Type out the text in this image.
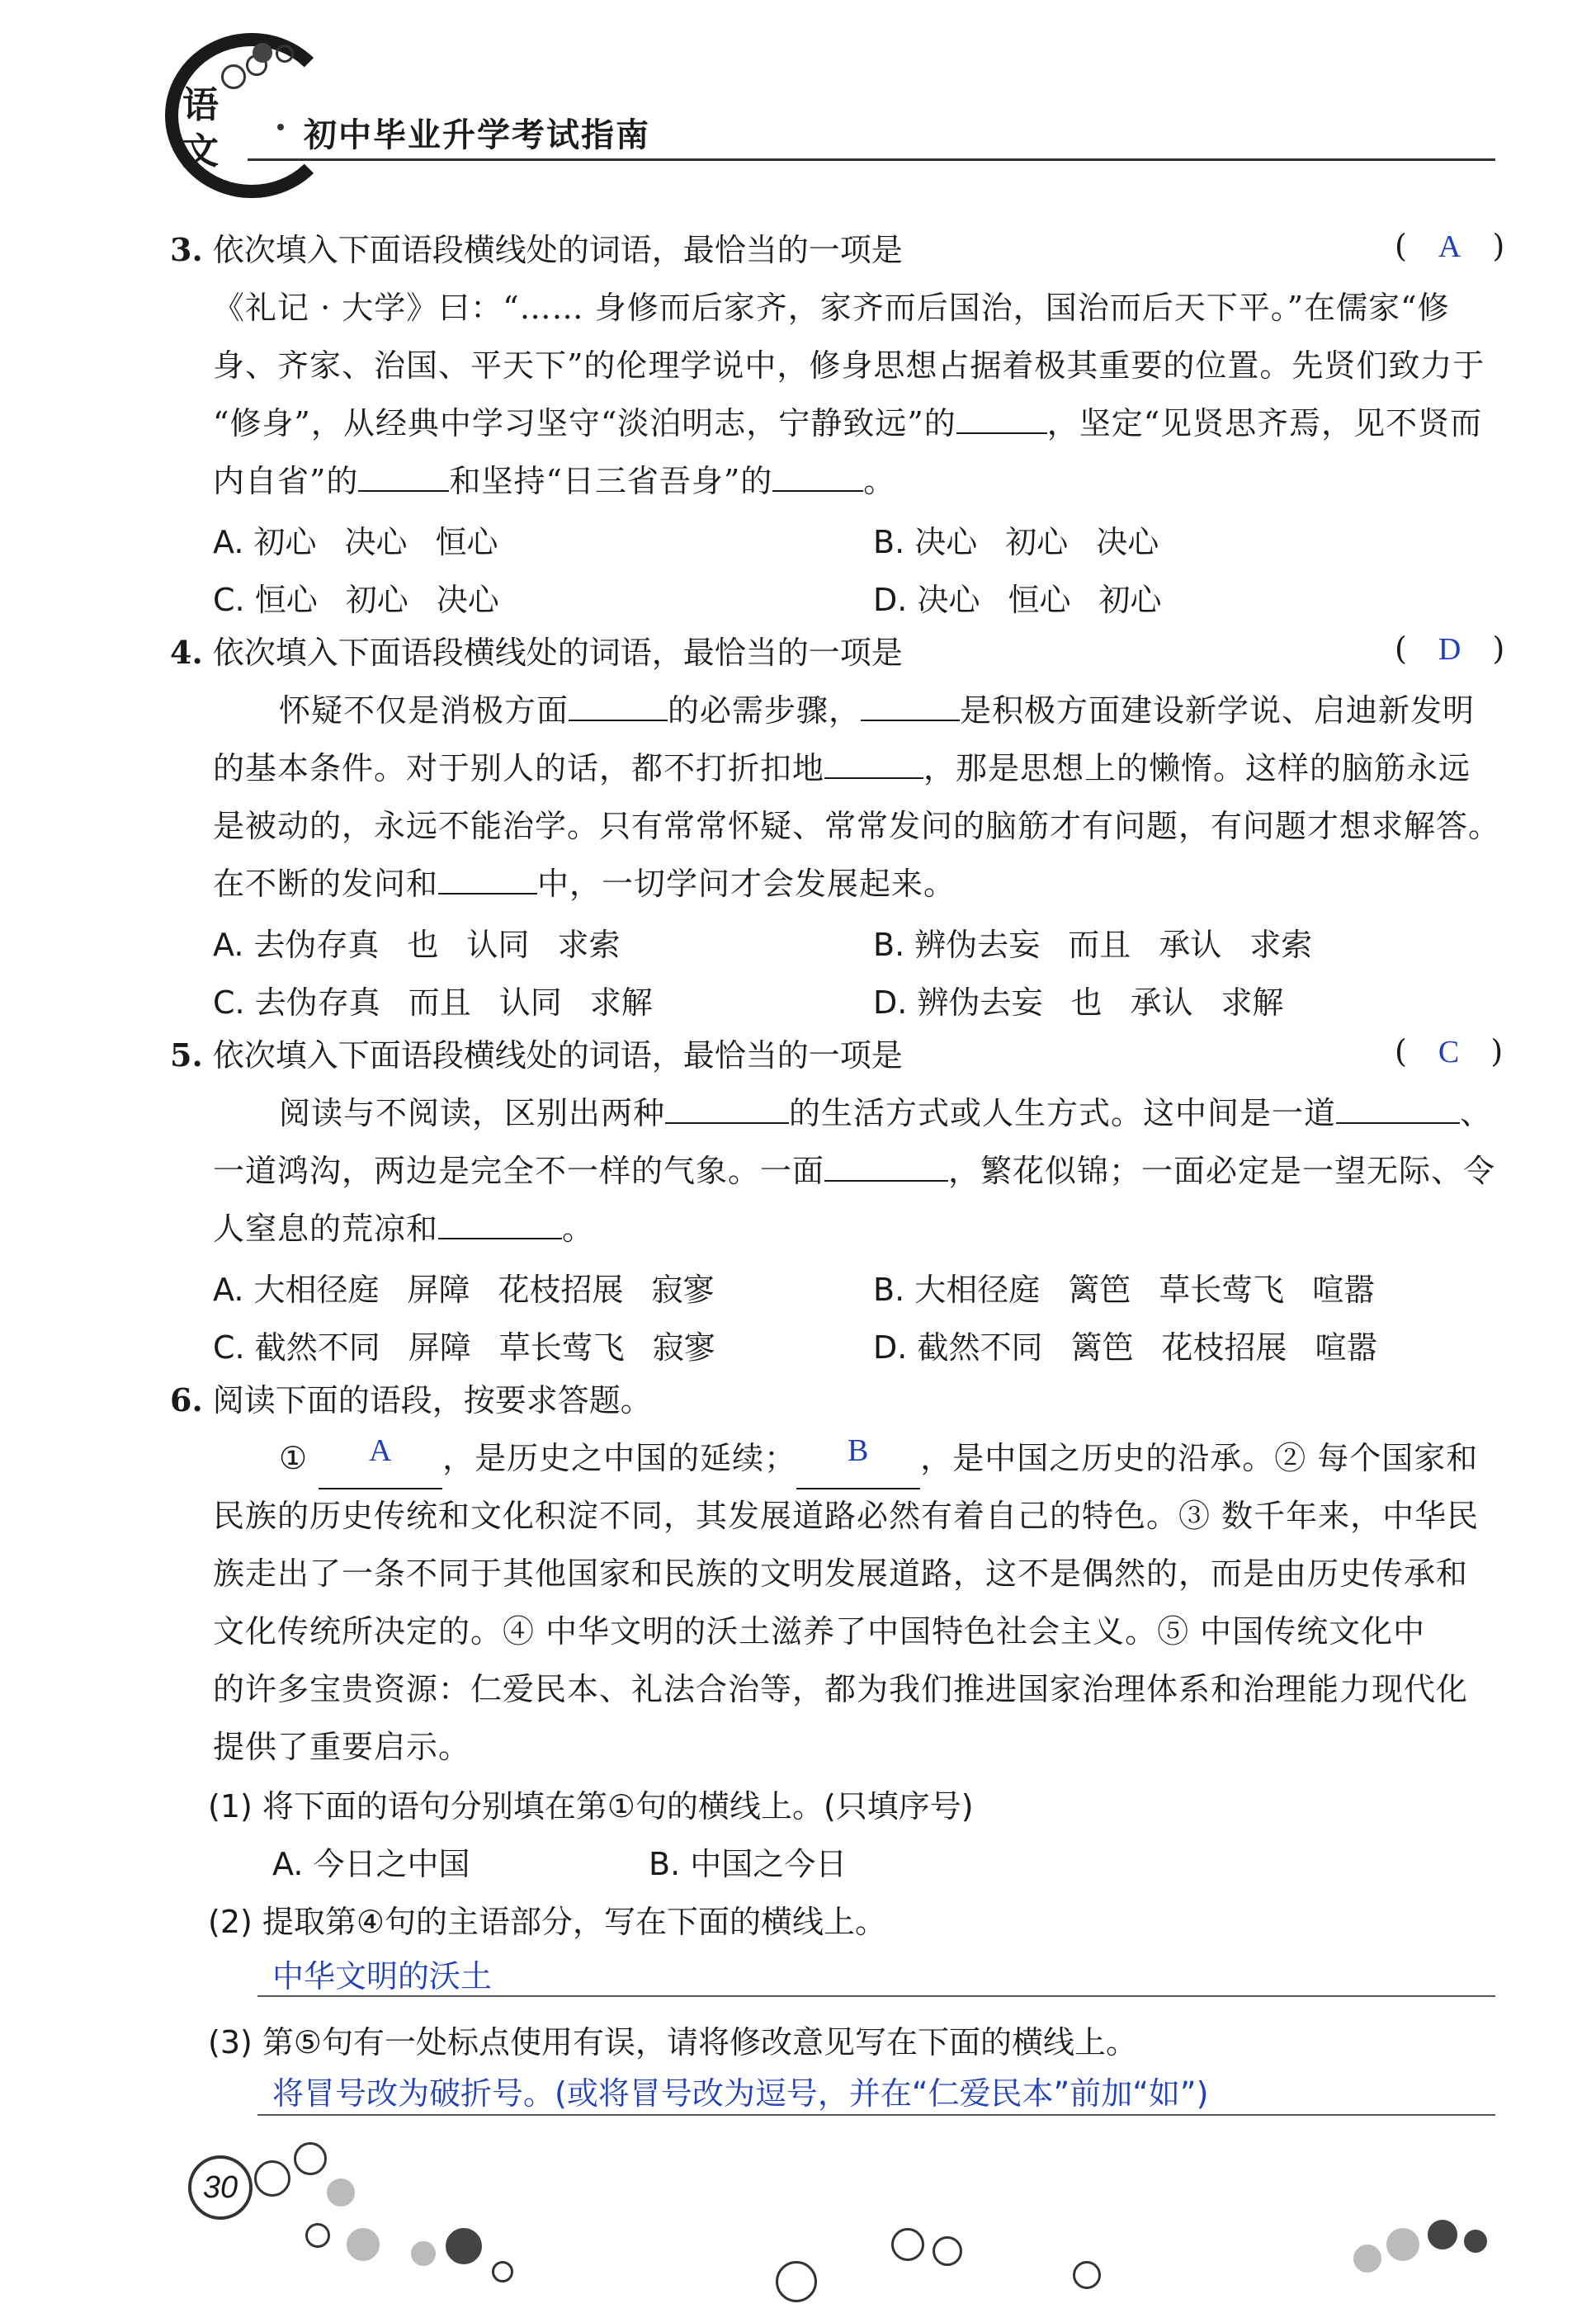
语
文	初中毕业升学考试指南
3. 依次填入下面语段横线处的词语，最恰当的一项是	( A )
《礼记 · 大学》曰：“…… 身修而后家齐，家齐而后国治，国治而后天下平。”在儒家“修
身、齐家、治国、平天下”的伦理学说中，修身思想占据着极其重要的位置。先贤们致力于
“修身”，从经典中学习坚守“淡泊明志，宁静致远”的	，坚定“见贤思齐焉，见不贤而
内自省”的	和坚持“日三省吾身”的	。
A. 初心 决心 恒心	B. 决心 初心 决心
C. 恒心 初心 决心	D. 决心 恒心 初心
4. 依次填入下面语段横线处的词语，最恰当的一项是	( D )
怀疑不仅是消极方面	的必需步骤，	是积极方面建设新学说、启迪新发明
的基本条件。对于别人的话，都不打折扣地	，那是思想上的懒惰。这样的脑筋永远
是被动的，永远不能治学。只有常常怀疑、常常发问的脑筋才有问题，有问题才想求解答。
在不断的发问和	中，一切学问才会发展起来。
A. 去伪存真 也 认同 求索	B. 辨伪去妄 而且 承认 求索
C. 去伪存真 而且 认同 求解	D. 辨伪去妄 也 承认 求解
5. 依次填入下面语段横线处的词语，最恰当的一项是	( C )
阅读与不阅读，区别出两种	的生活方式或人生方式。这中间是一道	、
一道鸿沟，两边是完全不一样的气象。一面	，繁花似锦；一面必定是一望无际、令
人窒息的荒凉和	。
A. 大相径庭 屏障 花枝招展 寂寥	B. 大相径庭 篱笆 草长莺飞 喧嚣
C. 截然不同 屏障 草长莺飞 寂寥	D. 截然不同 篱笆 花枝招展 喧嚣
6. 阅读下面的语段，按要求答题。
① A ，是历史之中国的延续； B ，是中国之历史的沿承。② 每个国家和
民族的历史传统和文化积淀不同，其发展道路必然有着自己的特色。③ 数千年来，中华民
族走出了一条不同于其他国家和民族的文明发展道路，这不是偶然的，而是由历史传承和
文化传统所决定的。④ 中华文明的沃土滋养了中国特色社会主义。⑤ 中国传统文化中
的许多宝贵资源：仁爱民本、礼法合治等，都为我们推进国家治理体系和治理能力现代化
提供了重要启示。
(1) 将下面的语句分别填在第①句的横线上。(只填序号)
A. 今日之中国	B. 中国之今日
(2) 提取第④句的主语部分，写在下面的横线上。
中华文明的沃土
(3) 第⑤句有一处标点使用有误，请将修改意见写在下面的横线上。
将冒号改为破折号。(或将冒号改为逗号，并在“仁爱民本”前加“如”)
30
